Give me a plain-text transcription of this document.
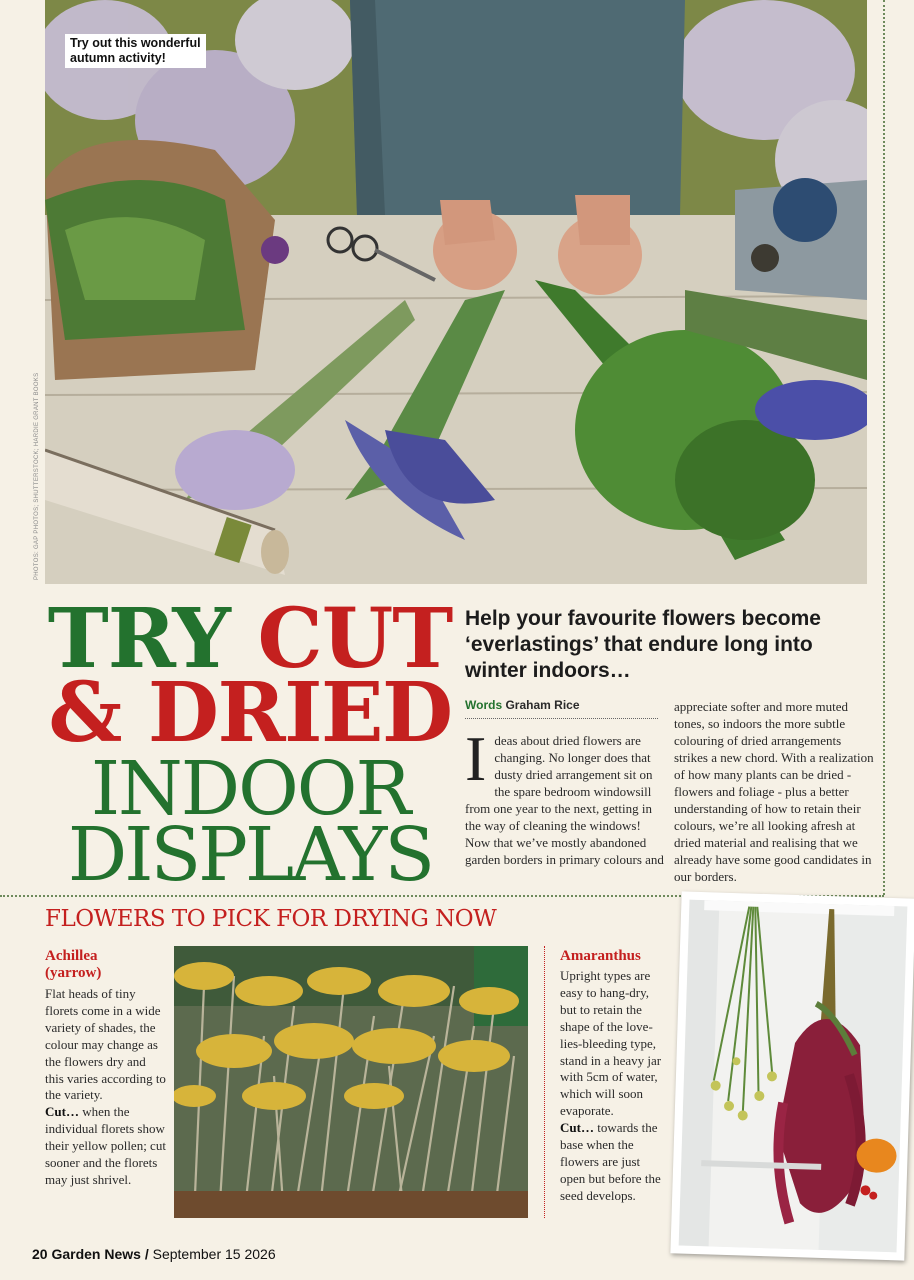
Try out this wonderful
autumn activity!
PHOTOS: GAP PHOTOS; SHUTTERSTOCK; HARDIE GRANT BOOKS
TRY CUT
& DRIED
INDOOR
DISPLAYS
Help your favourite flowers become ‘everlastings’ that endure long into winter indoors…
Words Graham Rice
Ideas about dried flowers are changing. No longer does that dusty dried arrangement sit on the spare bedroom windowsill from one year to the next, getting in the way of cleaning the windows! Now that we’ve mostly abandoned garden borders in primary colours and
appreciate softer and more muted tones, so indoors the more subtle colouring of dried arrangements strikes a new chord. With a realization of how many plants can be dried - flowers and foliage - plus a better understanding of how to retain their colours, we’re all looking afresh at dried material and realising that we already have some good candidates in our borders.
FLOWERS TO PICK FOR DRYING NOW
Achillea
(yarrow)
Flat heads of tiny florets come in a wide variety of shades, the colour may change as the flowers dry and this varies according to the variety.
Cut… when the individual florets show their yellow pollen; cut sooner and the florets may just shrivel.
Amaranthus
Upright types are easy to hang-dry, but to retain the shape of the love-lies-bleeding type, stand in a heavy jar with 5cm of water, which will soon evaporate.
Cut… towards the base when the flowers are just open but before the seed develops.
20 Garden News / September 15 2026
